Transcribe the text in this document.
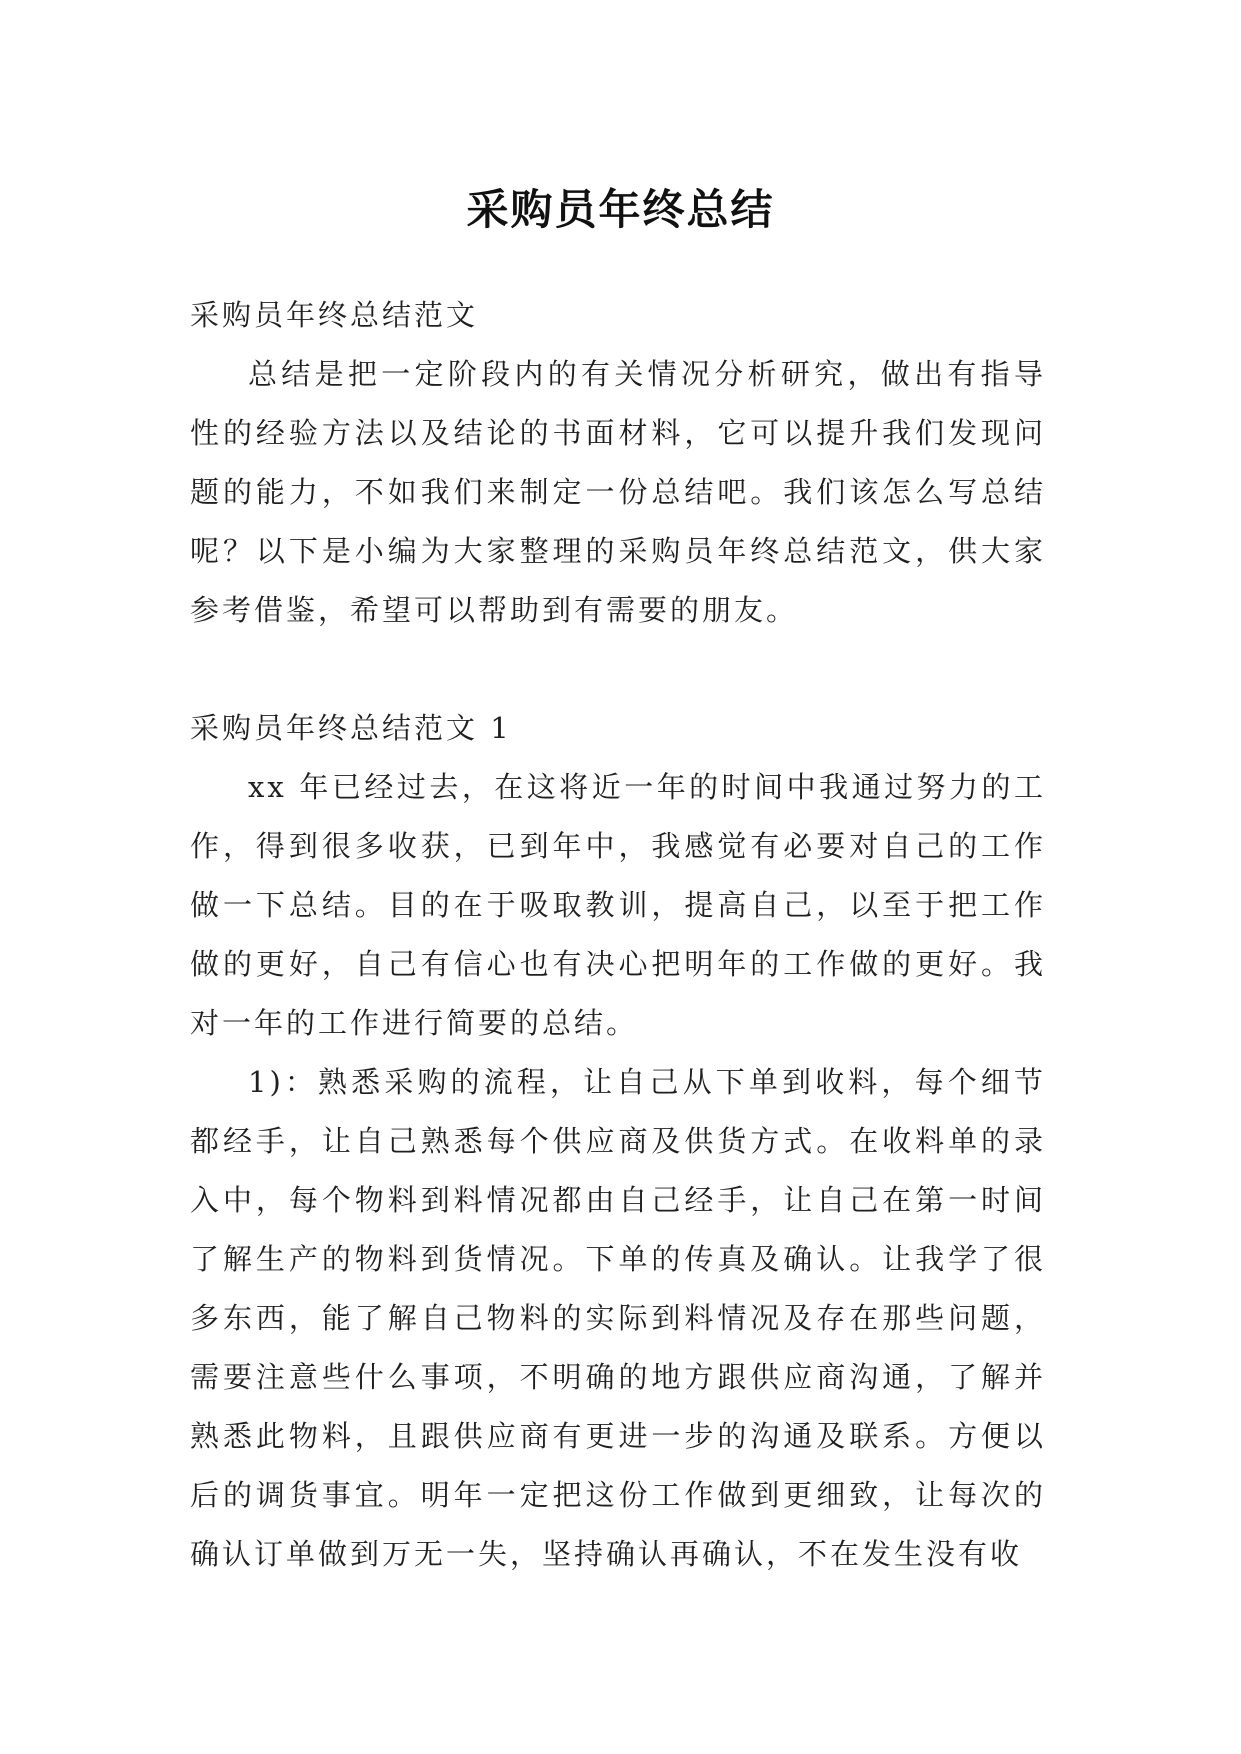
采购员年终总结

采购员年终总结范文

总结是把一定阶段内的有关情况分析研究，做出有指导性的经验方法以及结论的书面材料，它可以提升我们发现问题的能力，不如我们来制定一份总结吧。我们该怎么写总结呢？以下是小编为大家整理的采购员年终总结范文，供大家参考借鉴，希望可以帮助到有需要的朋友。

采购员年终总结范文 1

xx 年已经过去，在这将近一年的时间中我通过努力的工作，得到很多收获，已到年中，我感觉有必要对自己的工作做一下总结。目的在于吸取教训，提高自己，以至于把工作做的更好，自己有信心也有决心把明年的工作做的更好。我对一年的工作进行简要的总结。

1)：熟悉采购的流程，让自己从下单到收料，每个细节都经手，让自己熟悉每个供应商及供货方式。在收料单的录入中，每个物料到料情况都由自己经手，让自己在第一时间了解生产的物料到货情况。下单的传真及确认。让我学了很多东西，能了解自己物料的实际到料情况及存在那些问题，需要注意些什么事项，不明确的地方跟供应商沟通，了解并熟悉此物料，且跟供应商有更进一步的沟通及联系。方便以后的调货事宜。明年一定把这份工作做到更细致，让每次的确认订单做到万无一失，坚持确认再确认，不在发生没有收
